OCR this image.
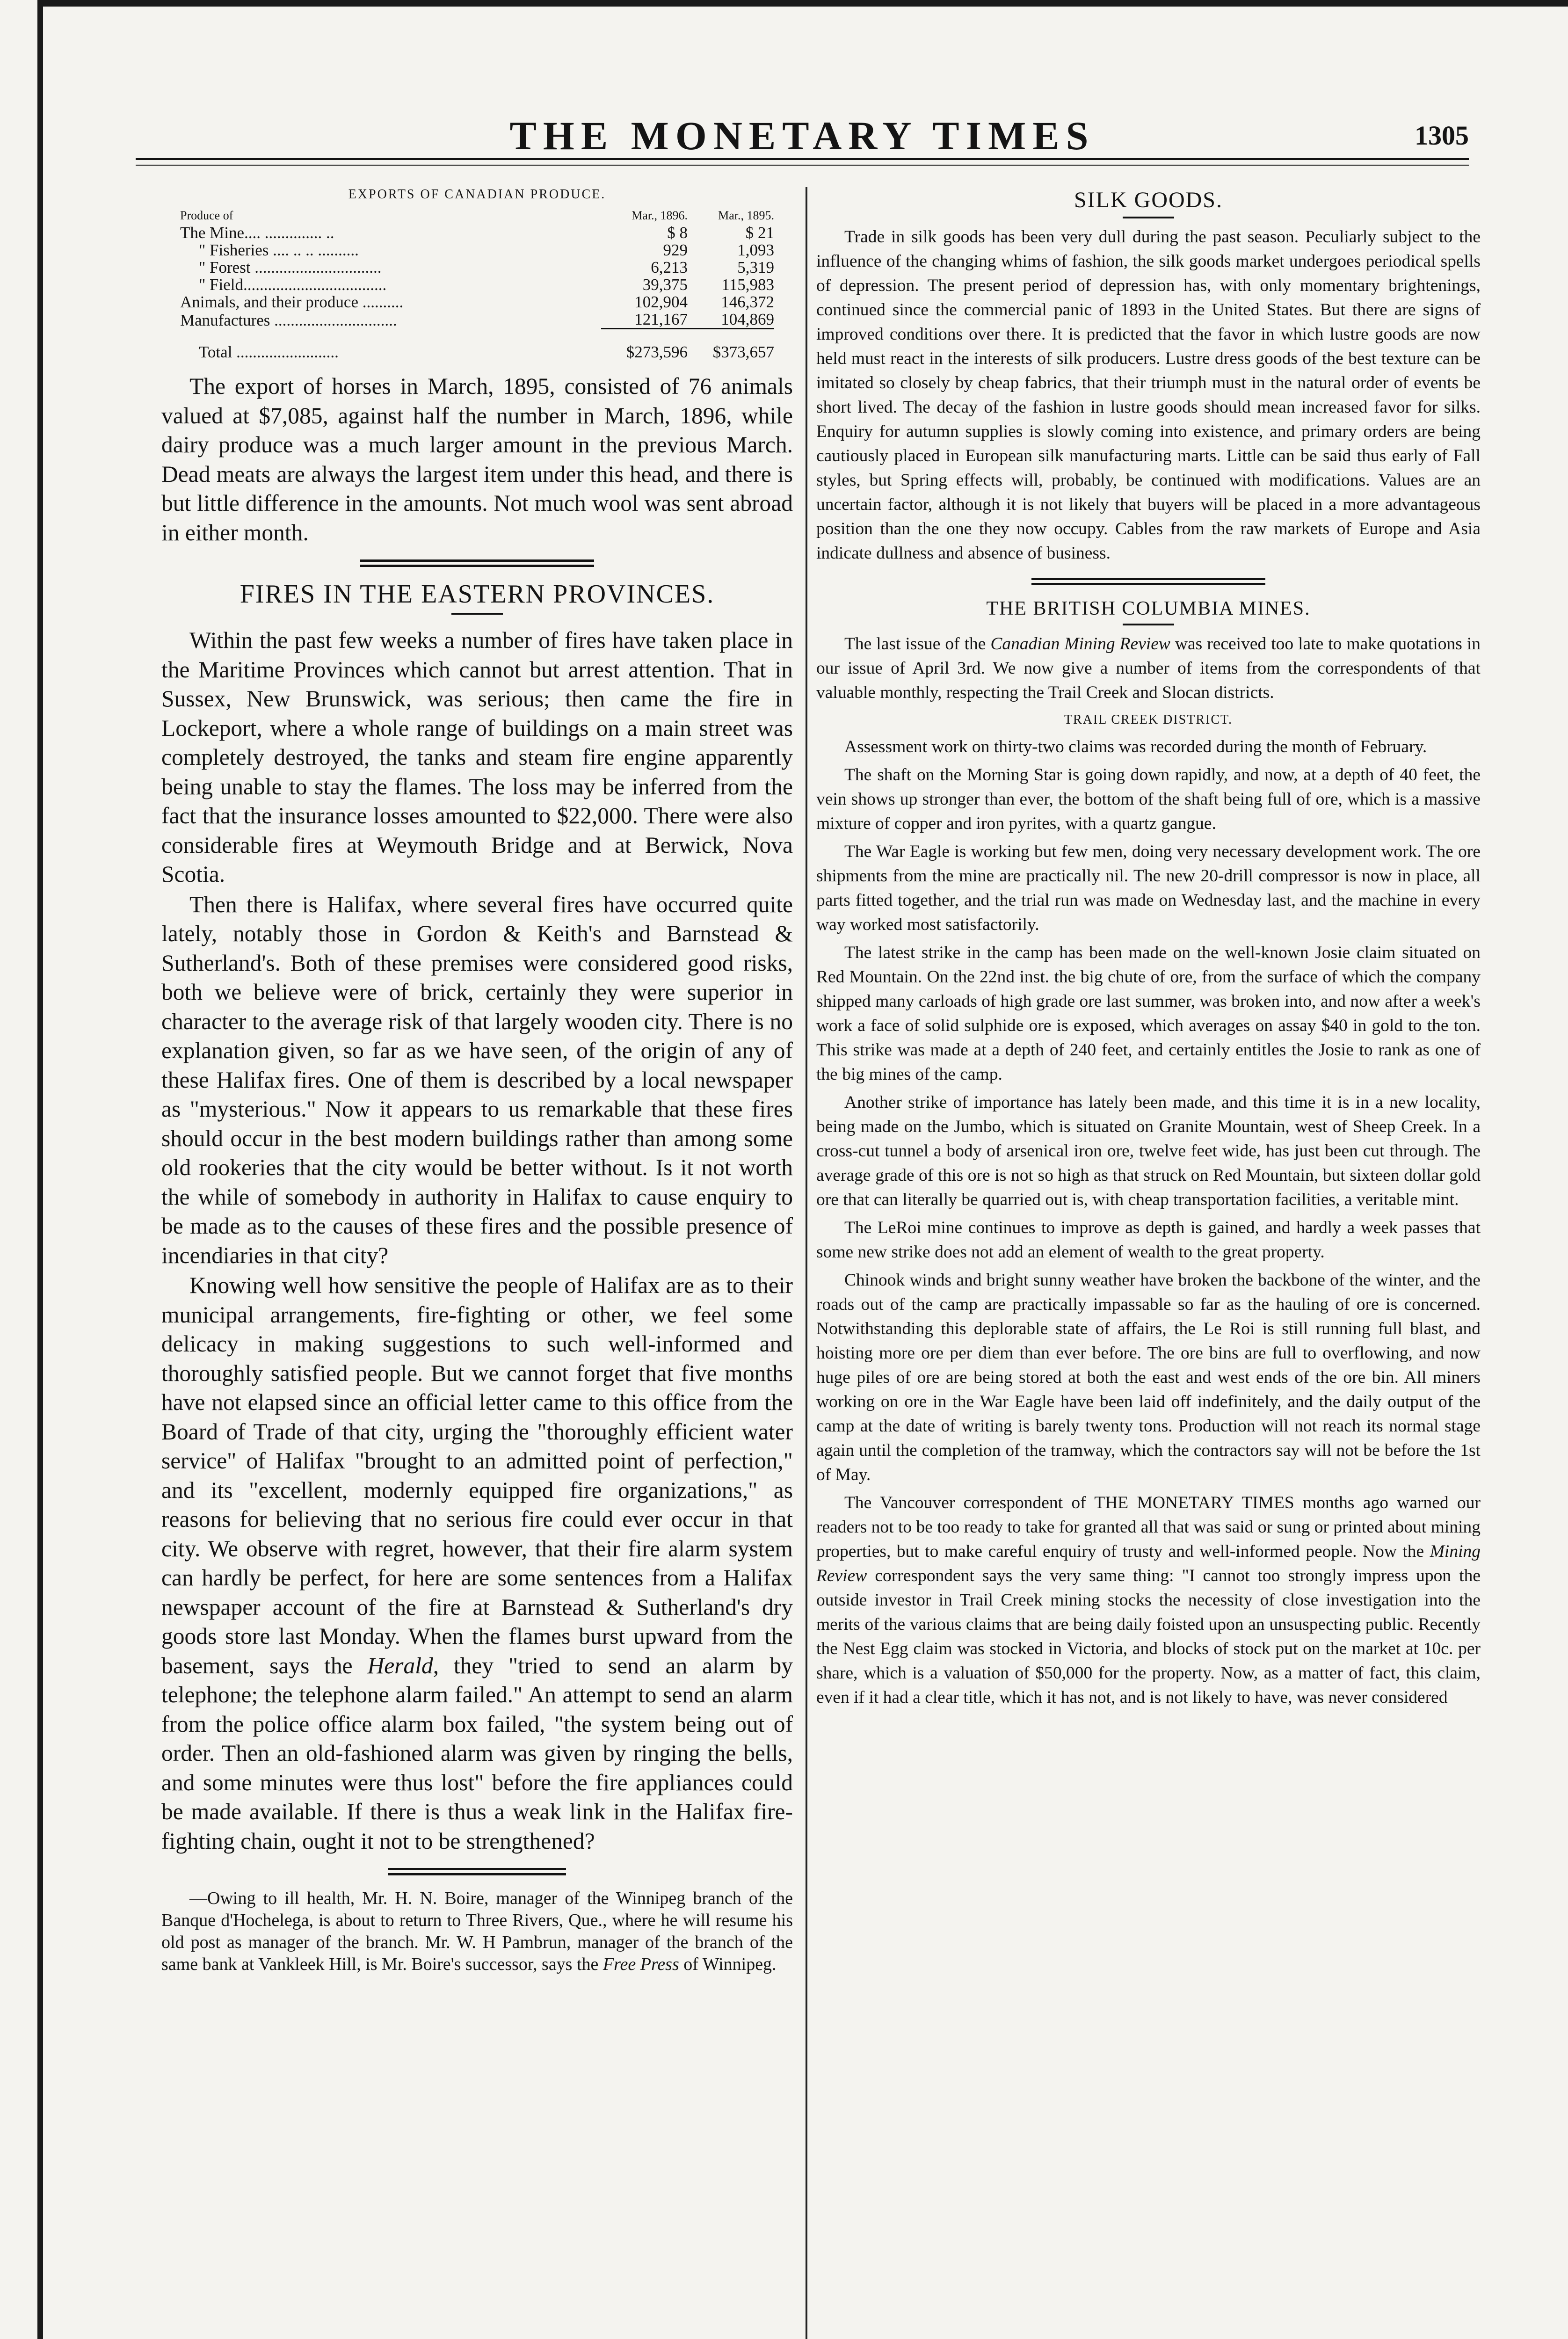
THE MONETARY TIMES	1305
EXPORTS OF CANADIAN PRODUCE.
Produce of	Mar., 1896.	Mar., 1895.
The Mine.... .............. ..	$ 8	$ 21
" Fisheries .... .. .. ..........	929	1,093
" Forest ...............................	6,213	5,319
" Field...................................	39,375	115,983
Animals, and their produce ..........	102,904	146,372
Manufactures ..............................	121,167	104,869
Total .........................	$273,596	$373,657

The export of horses in March, 1895, consisted of 76 animals valued at $7,085, against half the number in March, 1896, while dairy produce was a much larger amount in the previous March. Dead meats are always the largest item under this head, and there is but little difference in the amounts. Not much wool was sent abroad in either month.

FIRES IN THE EASTERN PROVINCES.

Within the past few weeks a number of fires have taken place in the Maritime Provinces which cannot but arrest attention. That in Sussex, New Brunswick, was serious; then came the fire in Lockeport, where a whole range of buildings on a main street was completely destroyed, the tanks and steam fire engine apparently being unable to stay the flames. The loss may be inferred from the fact that the insurance losses amounted to $22,000. There were also considerable fires at Weymouth Bridge and at Berwick, Nova Scotia.

Then there is Halifax, where several fires have occurred quite lately, notably those in Gordon & Keith's and Barnstead & Sutherland's. Both of these premises were considered good risks, both we believe were of brick, certainly they were superior in character to the average risk of that largely wooden city. There is no explanation given, so far as we have seen, of the origin of any of these Halifax fires. One of them is described by a local newspaper as "mysterious." Now it appears to us remarkable that these fires should occur in the best modern buildings rather than among some old rookeries that the city would be better without. Is it not worth the while of somebody in authority in Halifax to cause enquiry to be made as to the causes of these fires and the possible presence of incendiaries in that city?

Knowing well how sensitive the people of Halifax are as to their municipal arrangements, fire-fighting or other, we feel some delicacy in making suggestions to such well-informed and thoroughly satisfied people. But we cannot forget that five months have not elapsed since an official letter came to this office from the Board of Trade of that city, urging the "thoroughly efficient water service" of Halifax "brought to an admitted point of perfection," and its "excellent, modernly equipped fire organizations," as reasons for believing that no serious fire could ever occur in that city. We observe with regret, however, that their fire alarm system can hardly be perfect, for here are some sentences from a Halifax newspaper account of the fire at Barnstead & Sutherland's dry goods store last Monday. When the flames burst upward from the basement, says the Herald, they "tried to send an alarm by telephone; the telephone alarm failed." An attempt to send an alarm from the police office alarm box failed, "the system being out of order. Then an old-fashioned alarm was given by ringing the bells, and some minutes were thus lost" before the fire appliances could be made available. If there is thus a weak link in the Halifax fire-fighting chain, ought it not to be strengthened?

—Owing to ill health, Mr. H. N. Boire, manager of the Winnipeg branch of the Banque d'Hochelega, is about to return to Three Rivers, Que., where he will resume his old post as manager of the branch. Mr. W. H Pambrun, manager of the branch of the same bank at Vankleek Hill, is Mr. Boire's successor, says the Free Press of Winnipeg.

SILK GOODS.

Trade in silk goods has been very dull during the past season. Peculiarly subject to the influence of the changing whims of fashion, the silk goods market undergoes periodical spells of depression. The present period of depression has, with only momentary brightenings, continued since the commercial panic of 1893 in the United States. But there are signs of improved conditions over there. It is predicted that the favor in which lustre goods are now held must react in the interests of silk producers. Lustre dress goods of the best texture can be imitated so closely by cheap fabrics, that their triumph must in the natural order of events be short lived. The decay of the fashion in lustre goods should mean increased favor for silks. Enquiry for autumn supplies is slowly coming into existence, and primary orders are being cautiously placed in European silk manufacturing marts. Little can be said thus early of Fall styles, but Spring effects will, probably, be continued with modifications. Values are an uncertain factor, although it is not likely that buyers will be placed in a more advantageous position than the one they now occupy. Cables from the raw markets of Europe and Asia indicate dullness and absence of business.

THE BRITISH COLUMBIA MINES.

The last issue of the Canadian Mining Review was received too late to make quotations in our issue of April 3rd. We now give a number of items from the correspondents of that valuable monthly, respecting the Trail Creek and Slocan districts.

TRAIL CREEK DISTRICT.

Assessment work on thirty-two claims was recorded during the month of February.

The shaft on the Morning Star is going down rapidly, and now, at a depth of 40 feet, the vein shows up stronger than ever, the bottom of the shaft being full of ore, which is a massive mixture of copper and iron pyrites, with a quartz gangue.

The War Eagle is working but few men, doing very necessary development work. The ore shipments from the mine are practically nil. The new 20-drill compressor is now in place, all parts fitted together, and the trial run was made on Wednesday last, and the machine in every way worked most satisfactorily.

The latest strike in the camp has been made on the well-known Josie claim situated on Red Mountain. On the 22nd inst. the big chute of ore, from the surface of which the company shipped many carloads of high grade ore last summer, was broken into, and now after a week's work a face of solid sulphide ore is exposed, which averages on assay $40 in gold to the ton. This strike was made at a depth of 240 feet, and certainly entitles the Josie to rank as one of the big mines of the camp.

Another strike of importance has lately been made, and this time it is in a new locality, being made on the Jumbo, which is situated on Granite Mountain, west of Sheep Creek. In a cross-cut tunnel a body of arsenical iron ore, twelve feet wide, has just been cut through. The average grade of this ore is not so high as that struck on Red Mountain, but sixteen dollar gold ore that can literally be quarried out is, with cheap transportation facilities, a veritable mint.

The LeRoi mine continues to improve as depth is gained, and hardly a week passes that some new strike does not add an element of wealth to the great property.

Chinook winds and bright sunny weather have broken the backbone of the winter, and the roads out of the camp are practically impassable so far as the hauling of ore is concerned. Notwithstanding this deplorable state of affairs, the Le Roi is still running full blast, and hoisting more ore per diem than ever before. The ore bins are full to overflowing, and now huge piles of ore are being stored at both the east and west ends of the ore bin. All miners working on ore in the War Eagle have been laid off indefinitely, and the daily output of the camp at the date of writing is barely twenty tons. Production will not reach its normal stage again until the completion of the tramway, which the contractors say will not be before the 1st of May.

The Vancouver correspondent of THE MONETARY TIMES months ago warned our readers not to be too ready to take for granted all that was said or sung or printed about mining properties, but to make careful enquiry of trusty and well-informed people. Now the Mining Review correspondent says the very same thing: "I cannot too strongly impress upon the outside investor in Trail Creek mining stocks the necessity of close investigation into the merits of the various claims that are being daily foisted upon an unsuspecting public. Recently the Nest Egg claim was stocked in Victoria, and blocks of stock put on the market at 10c. per share, which is a valuation of $50,000 for the property. Now, as a matter of fact, this claim, even if it had a clear title, which it has not, and is not likely to have, was never considered
